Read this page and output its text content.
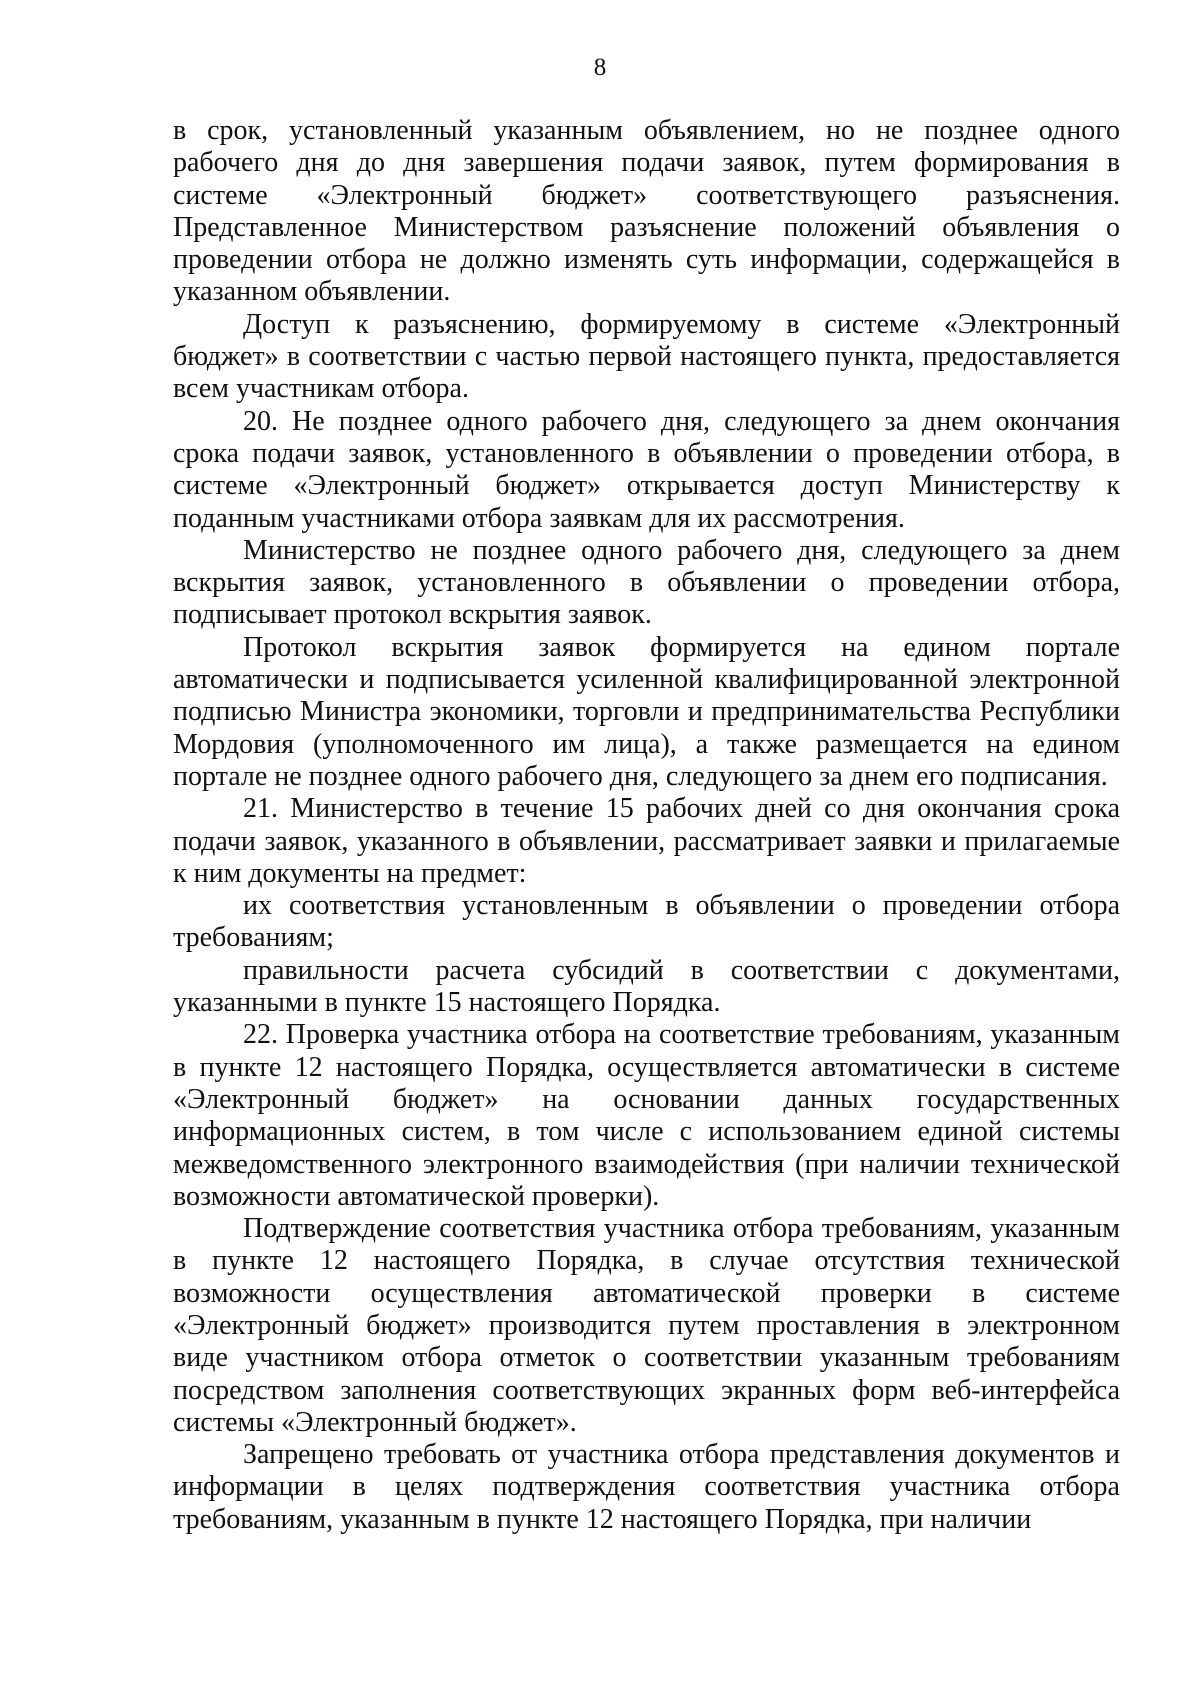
8

в срок, установленный указанным объявлением, но не позднее одного рабочего дня до дня завершения подачи заявок, путем формирования в системе «Электронный бюджет» соответствующего разъяснения. Представленное Министерством разъяснение положений объявления о проведении отбора не должно изменять суть информации, содержащейся в указанном объявлении.

Доступ к разъяснению, формируемому в системе «Электронный бюджет» в соответствии с частью первой настоящего пункта, предоставляется всем участникам отбора.

20. Не позднее одного рабочего дня, следующего за днем окончания срока подачи заявок, установленного в объявлении о проведении отбора, в системе «Электронный бюджет» открывается доступ Министерству к поданным участниками отбора заявкам для их рассмотрения.

Министерство не позднее одного рабочего дня, следующего за днем вскрытия заявок, установленного в объявлении о проведении отбора, подписывает протокол вскрытия заявок.

Протокол вскрытия заявок формируется на едином портале автоматически и подписывается усиленной квалифицированной электронной подписью Министра экономики, торговли и предпринимательства Республики Мордовия (уполномоченного им лица), а также размещается на едином портале не позднее одного рабочего дня, следующего за днем его подписания.

21. Министерство в течение 15 рабочих дней со дня окончания срока подачи заявок, указанного в объявлении, рассматривает заявки и прилагаемые к ним документы на предмет:

их соответствия установленным в объявлении о проведении отбора требованиям;

правильности расчета субсидий в соответствии с документами, указанными в пункте 15 настоящего Порядка.

22. Проверка участника отбора на соответствие требованиям, указанным в пункте 12 настоящего Порядка, осуществляется автоматически в системе «Электронный бюджет» на основании данных государственных информационных систем, в том числе с использованием единой системы межведомственного электронного взаимодействия (при наличии технической возможности автоматической проверки).

Подтверждение соответствия участника отбора требованиям, указанным в пункте 12 настоящего Порядка, в случае отсутствия технической возможности осуществления автоматической проверки в системе «Электронный бюджет» производится путем проставления в электронном виде участником отбора отметок о соответствии указанным требованиям посредством заполнения соответствующих экранных форм веб-интерфейса системы «Электронный бюджет».

Запрещено требовать от участника отбора представления документов и информации в целях подтверждения соответствия участника отбора требованиям, указанным в пункте 12 настоящего Порядка, при наличии
